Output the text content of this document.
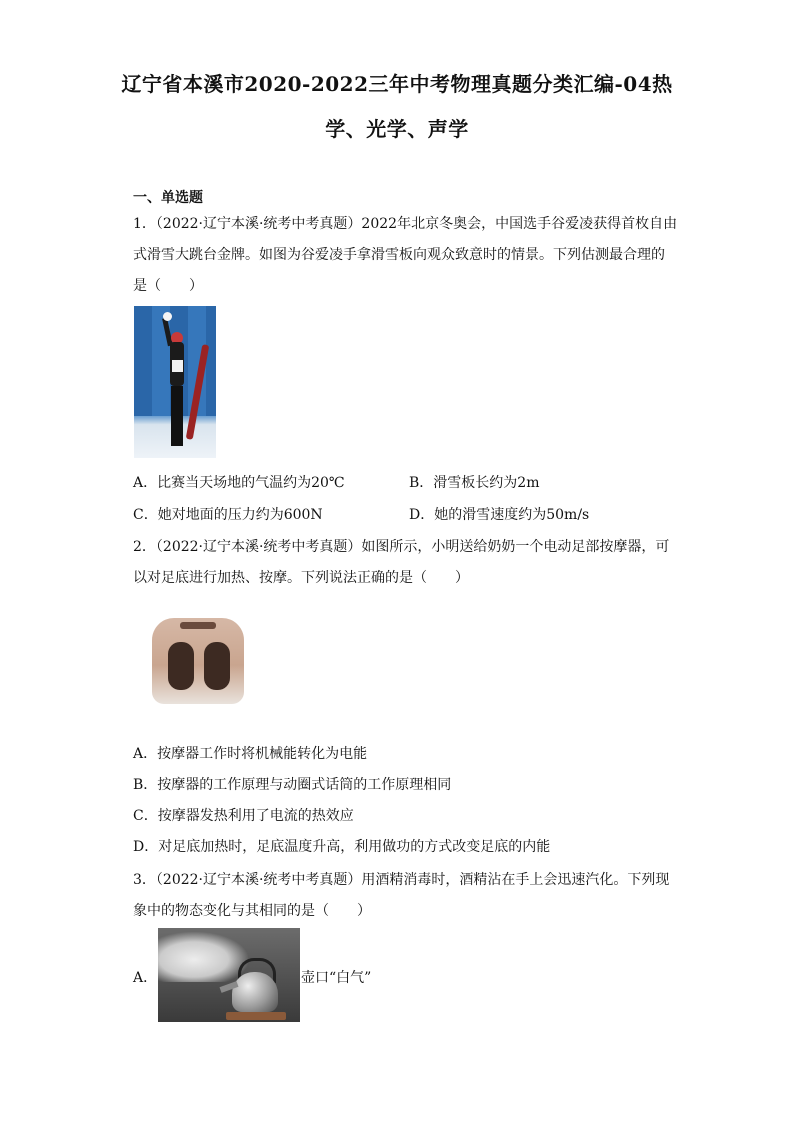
辽宁省本溪市2020-2022三年中考物理真题分类汇编-04热
学、光学、声学
一、单选题
1．（2022·辽宁本溪·统考中考真题）2022年北京冬奥会，中国选手谷爱凌获得首枚自由
式滑雪大跳台金牌。如图为谷爱凌手拿滑雪板向观众致意时的情景。下列估测最合理的
是（　　）
A．比赛当天场地的气温约为20℃	B．滑雪板长约为2m
C．她对地面的压力约为600N	D．她的滑雪速度约为50m/s
2．（2022·辽宁本溪·统考中考真题）如图所示，小明送给奶奶一个电动足部按摩器，可
以对足底进行加热、按摩。下列说法正确的是（　　）
A．按摩器工作时将机械能转化为电能
B．按摩器的工作原理与动圈式话筒的工作原理相同
C．按摩器发热利用了电流的热效应
D．对足底加热时，足底温度升高，利用做功的方式改变足底的内能
3．（2022·辽宁本溪·统考中考真题）用酒精消毒时，酒精沾在手上会迅速汽化。下列现
象中的物态变化与其相同的是（　　）
A．	壶口“白气”
